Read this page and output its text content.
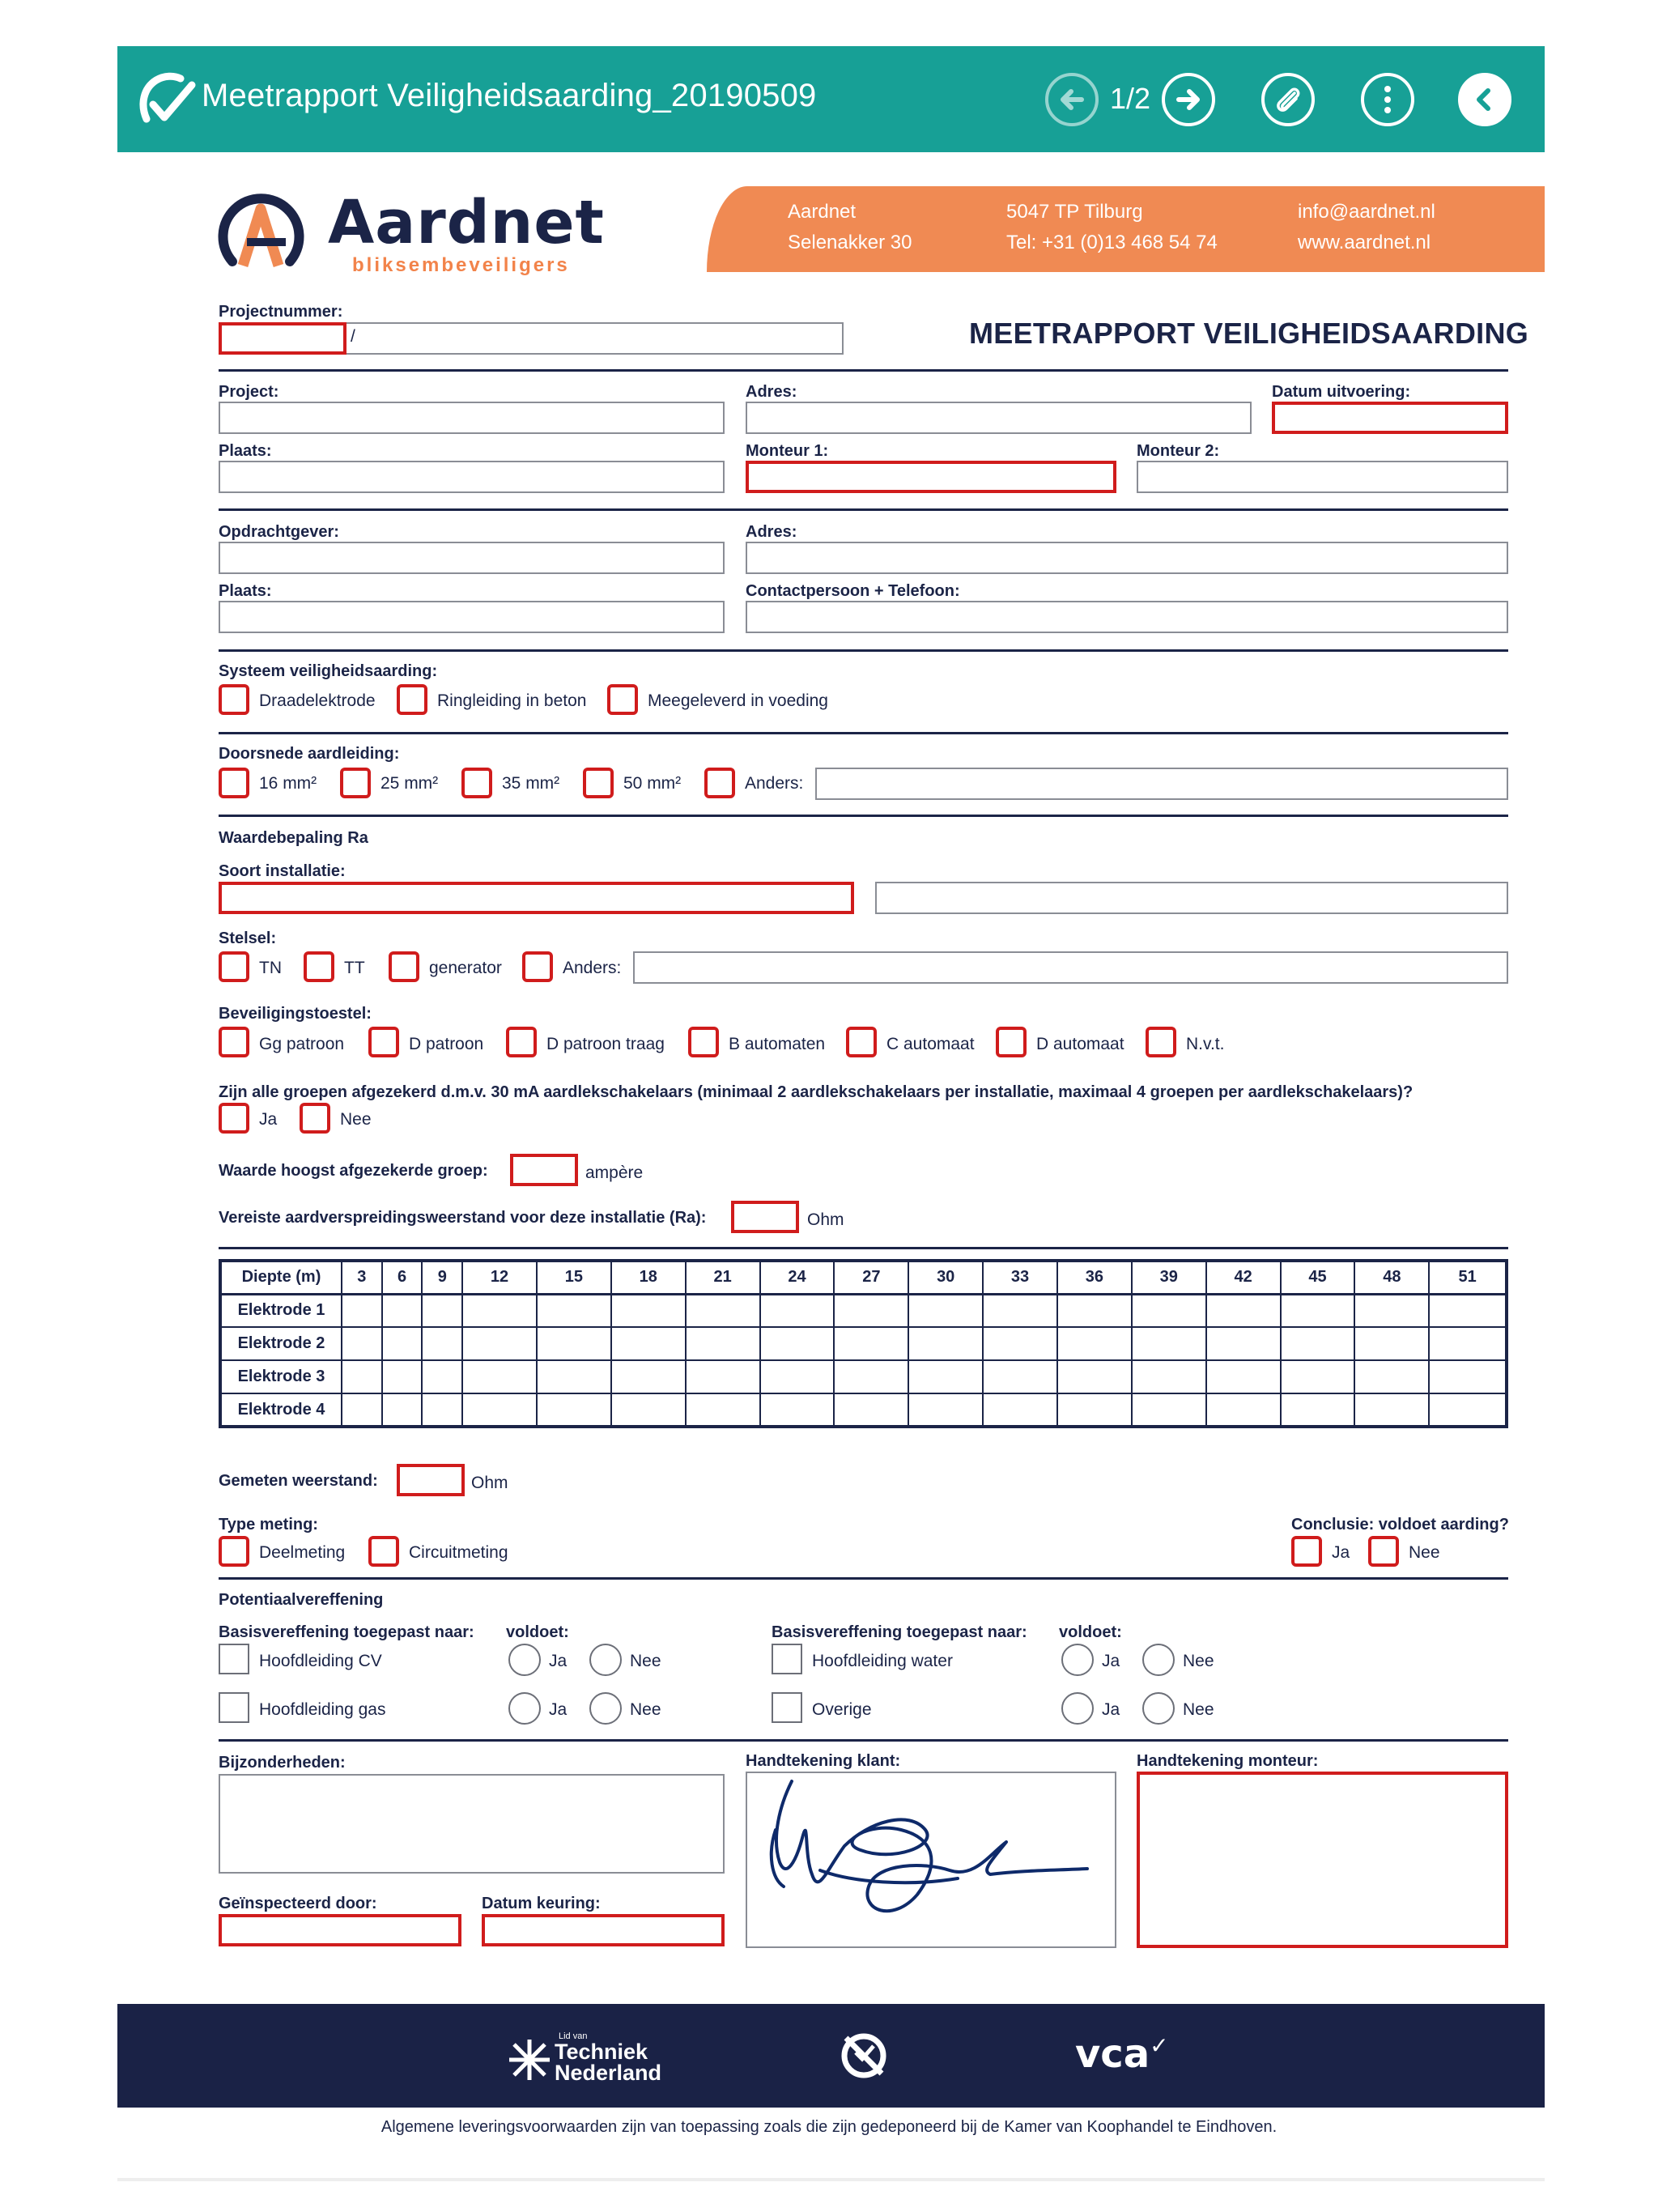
Meetrapport Veiligheidsaarding_20190509	1/2
Aardnet
bliksembeveiligers
Aardnet
Selenakker 30
5047 TP Tilburg
Tel: +31 (0)13 468 54 74
info@aardnet.nl
www.aardnet.nl
Projectnummer:
/	MEETRAPPORT VEILIGHEIDSAARDING
Project:	Adres:	Datum uitvoering:
Plaats:	Monteur 1:	Monteur 2:
Opdrachtgever:	Adres:
Plaats:	Contactpersoon + Telefoon:
Systeem veiligheidsaarding:
Draadelektrode	Ringleiding in beton	Meegeleverd in voeding
Doorsnede aardleiding:
16 mm²	25 mm²	35 mm²	50 mm²	Anders:
Waardebepaling Ra
Soort installatie:
Stelsel:
TN	TT	generator	Anders:
Beveiligingstoestel:
Gg patroon	D patroon	D patroon traag	B automaten	C automaat	D automaat	N.v.t.
Zijn alle groepen afgezekerd d.m.v. 30 mA aardlekschakelaars (minimaal 2 aardlekschakelaars per installatie, maximaal 4 groepen per aardlekschakelaars)?
Ja	Nee
Waarde hoogst afgezekerde groep:	ampère
Vereiste aardverspreidingsweerstand voor deze installatie (Ra):	Ohm
Diepte (m)	3	6	9	12	15	18	21	24	27	30	33	36	39	42	45	48	51
Elektrode 1																	
Elektrode 2																	
Elektrode 3																	
Elektrode 4																	
Gemeten weerstand:	Ohm
Type meting:
Deelmeting	Circuitmeting
Conclusie: voldoet aarding?
Ja	Nee
Potentiaalvereffening
Basisvereffening toegepast naar: voldoet:	Basisvereffening toegepast naar: voldoet:
Hoofdleiding CV	Ja	Nee	Hoofdleiding water	Ja	Nee
Hoofdleiding gas	Ja	Nee	Overige	Ja	Nee
Bijzonderheden:	Handtekening klant:	Handtekening monteur:
Geïnspecteerd door:	Datum keuring:
Lid van
Techniek
Nederland	vca✓
Algemene leveringsvoorwaarden zijn van toepassing zoals die zijn gedeponeerd bij de Kamer van Koophandel te Eindhoven.
